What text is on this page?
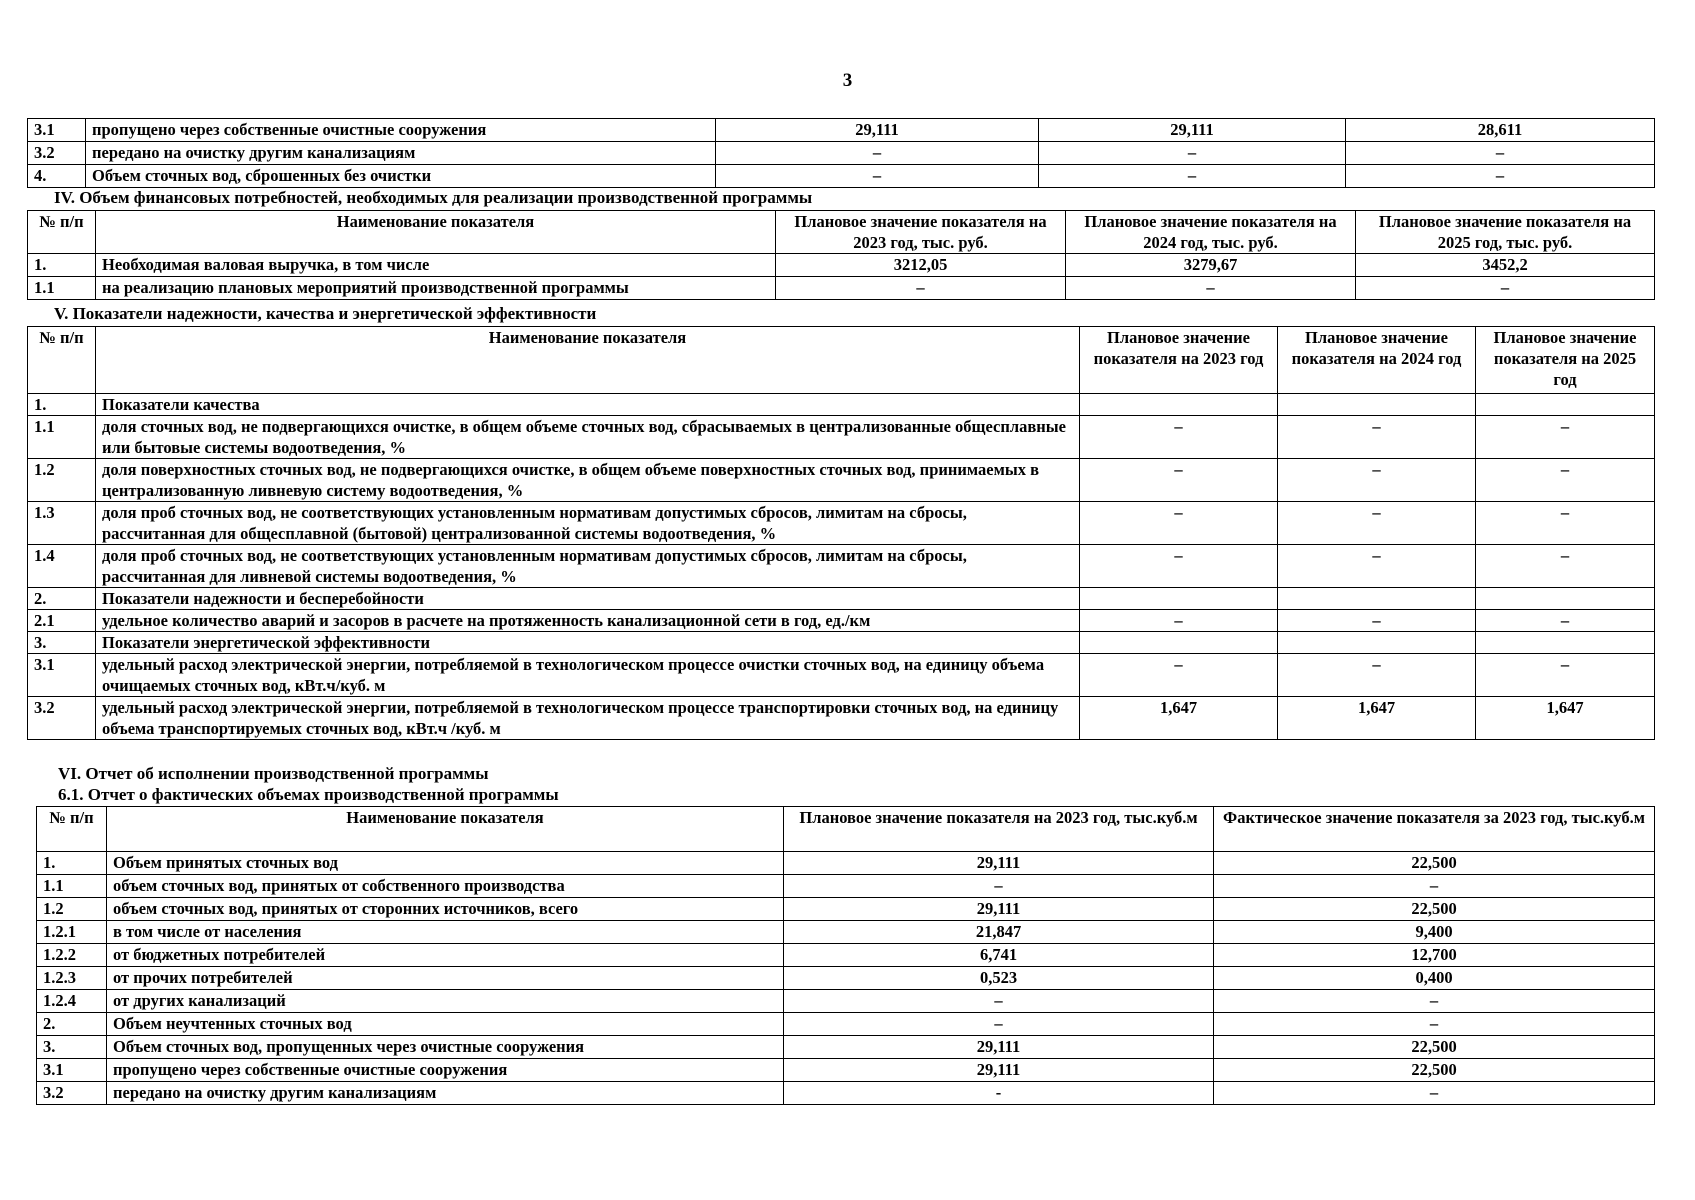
3
3.1	пропущено через собственные очистные сооружения	29,111	29,111	28,611
3.2	передано на очистку другим канализациям	–	–	–
4.	Объем сточных вод, сброшенных без очистки	–	–	–
IV. Объем финансовых потребностей, необходимых для реализации производственной программы
№ п/п	Наименование показателя	Плановое значение показателя на 2023 год, тыс. руб.	Плановое значение показателя на 2024 год, тыс. руб.	Плановое значение показателя на 2025 год, тыс. руб.
1.	Необходимая валовая выручка, в том числе	3212,05	3279,67	3452,2
1.1	на реализацию плановых мероприятий производственной программы	–	–	–
V. Показатели надежности, качества и энергетической эффективности
№ п/п	Наименование показателя	Плановое значение показателя на 2023 год	Плановое значение показателя на 2024 год	Плановое значение показателя на 2025 год
1.	Показатели качества			
1.1	доля сточных вод, не подвергающихся очистке, в общем объеме сточных вод, сбрасываемых в централизованные общесплавные или бытовые системы водоотведения, %	–	–	–
1.2	доля поверхностных сточных вод, не подвергающихся очистке, в общем объеме поверхностных сточных вод, принимаемых в централизованную ливневую систему водоотведения, %	–	–	–
1.3	доля проб сточных вод, не соответствующих установленным нормативам допустимых сбросов, лимитам на сбросы, рассчитанная для общесплавной (бытовой) централизованной системы водоотведения, %	–	–	–
1.4	доля проб сточных вод, не соответствующих установленным нормативам допустимых сбросов, лимитам на сбросы, рассчитанная для ливневой системы водоотведения, %	–	–	–
2.	Показатели надежности и бесперебойности			
2.1	удельное количество аварий и засоров в расчете на протяженность канализационной сети в год, ед./км	–	–	–
3.	Показатели энергетической эффективности			
3.1	удельный расход электрической энергии, потребляемой в технологическом процессе очистки сточных вод, на единицу объема очищаемых сточных вод, кВт.ч/куб. м	–	–	–
3.2	удельный расход электрической энергии, потребляемой в технологическом процессе транспортировки сточных вод, на единицу объема транспортируемых сточных вод, кВт.ч /куб. м	1,647	1,647	1,647
VI. Отчет об исполнении производственной программы
6.1. Отчет о фактических объемах производственной программы
№ п/п	Наименование показателя	Плановое значение показателя на 2023 год, тыс.куб.м	Фактическое значение показателя за 2023 год, тыс.куб.м
1.	Объем принятых сточных вод	29,111	22,500
1.1	объем сточных вод, принятых от собственного производства	–	–
1.2	объем сточных вод, принятых от сторонних источников, всего	29,111	22,500
1.2.1	в том числе от населения	21,847	9,400
1.2.2	от бюджетных потребителей	6,741	12,700
1.2.3	от прочих потребителей	0,523	0,400
1.2.4	от других канализаций	–	–
2.	Объем неучтенных сточных вод	–	–
3.	Объем сточных вод, пропущенных через очистные сооружения	29,111	22,500
3.1	пропущено через собственные очистные сооружения	29,111	22,500
3.2	передано на очистку другим канализациям	-	–
